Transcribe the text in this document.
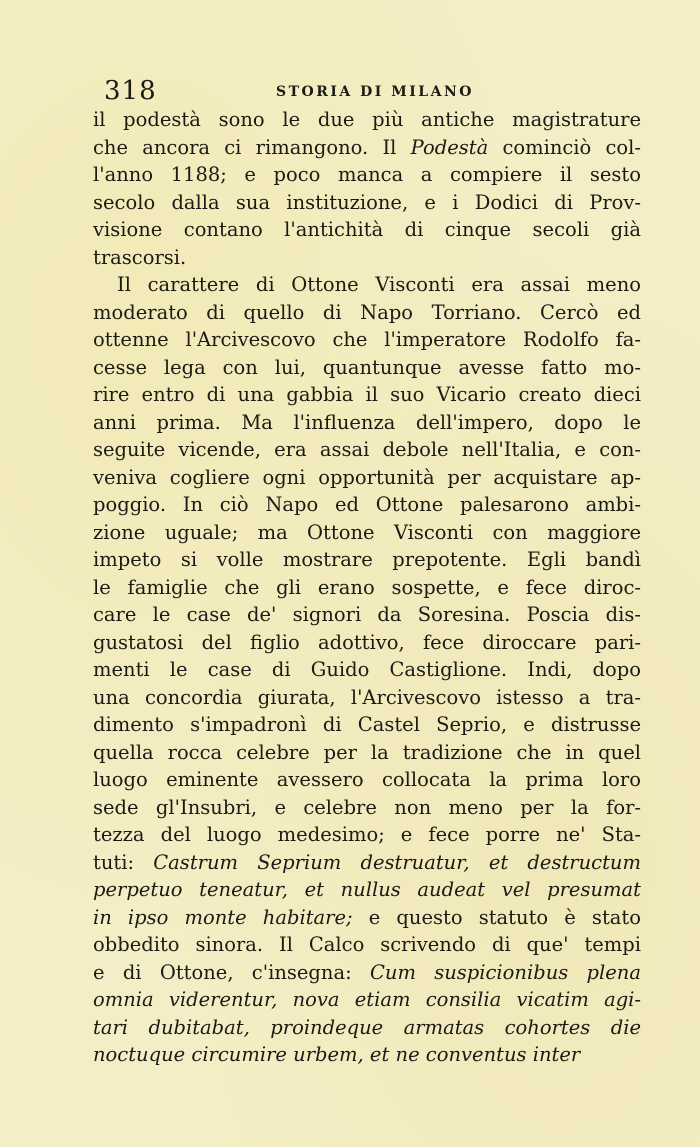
318	STORIA DI MILANO
il podestà sono le due più antiche magistrature
che ancora ci rimangono. Il Podestà cominciò col-
l'anno 1188; e poco manca a compiere il sesto
secolo dalla sua instituzione, e i Dodici di Prov-
visione contano l'antichità di cinque secoli già
trascorsi.
Il carattere di Ottone Visconti era assai meno
moderato di quello di Napo Torriano. Cercò ed
ottenne l'Arcivescovo che l'imperatore Rodolfo fa-
cesse lega con lui, quantunque avesse fatto mo-
rire entro di una gabbia il suo Vicario creato dieci
anni prima. Ma l'influenza dell'impero, dopo le
seguite vicende, era assai debole nell'Italia, e con-
veniva cogliere ogni opportunità per acquistare ap-
poggio. In ciò Napo ed Ottone palesarono ambi-
zione uguale; ma Ottone Visconti con maggiore
impeto si volle mostrare prepotente. Egli bandì
le famiglie che gli erano sospette, e fece diroc-
care le case de' signori da Soresina. Poscia dis-
gustatosi del figlio adottivo, fece diroccare pari-
menti le case di Guido Castiglione. Indi, dopo
una concordia giurata, l'Arcivescovo istesso a tra-
dimento s'impadronì di Castel Seprio, e distrusse
quella rocca celebre per la tradizione che in quel
luogo eminente avessero collocata la prima loro
sede gl'Insubri, e celebre non meno per la for-
tezza del luogo medesimo; e fece porre ne' Sta-
tuti: Castrum Seprium destruatur, et destructum
perpetuo teneatur, et nullus audeat vel presumat
in ipso monte habitare; e questo statuto è stato
obbedito sinora. Il Calco scrivendo di que' tempi
e di Ottone, c'insegna: Cum suspicionibus plena
omnia viderentur, nova etiam consilia vicatim agi-
tari dubitabat, proindeque armatas cohortes die
noctuque circumire urbem, et ne conventus inter
